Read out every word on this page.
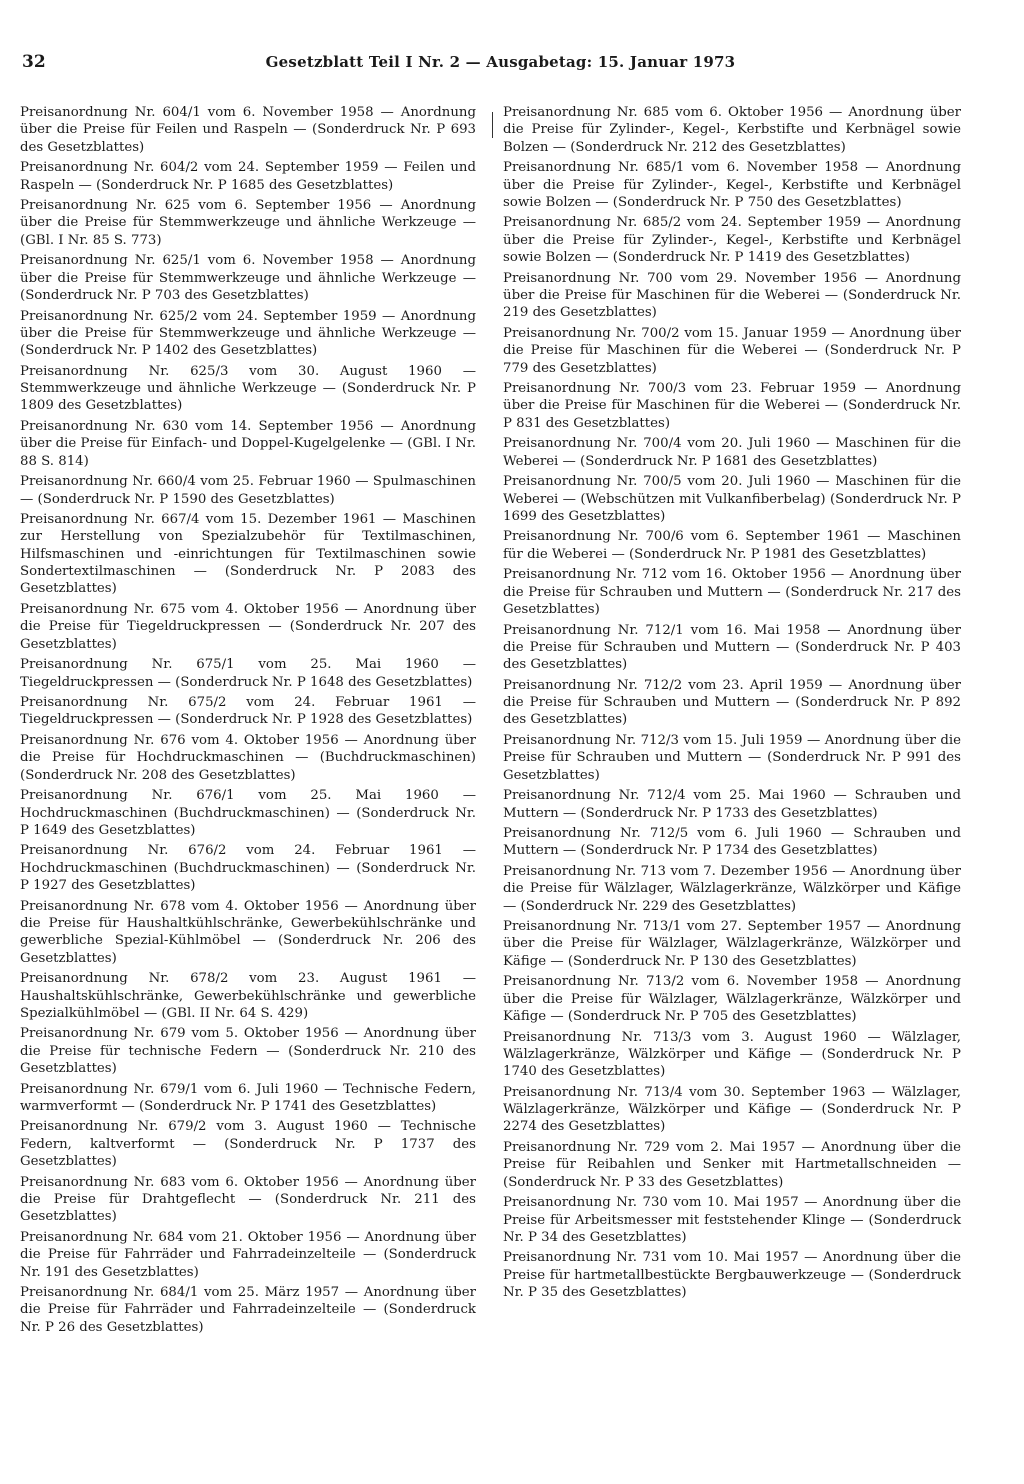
32	Gesetzblatt Teil I Nr. 2 — Ausgabetag: 15. Januar 1973

Preisanordnung Nr. 604/1 vom 6. November 1958 — Anordnung über die Preise für Feilen und Raspeln — (Sonderdruck Nr. P 693 des Gesetzblattes)

Preisanordnung Nr. 604/2 vom 24. September 1959 — Feilen und Raspeln — (Sonderdruck Nr. P 1685 des Gesetzblattes)

Preisanordnung Nr. 625 vom 6. September 1956 — Anordnung über die Preise für Stemmwerkzeuge und ähnliche Werkzeuge — (GBl. I Nr. 85 S. 773)

Preisanordnung Nr. 625/1 vom 6. November 1958 — Anordnung über die Preise für Stemmwerkzeuge und ähnliche Werkzeuge — (Sonderdruck Nr. P 703 des Gesetzblattes)

Preisanordnung Nr. 625/2 vom 24. September 1959 — Anordnung über die Preise für Stemmwerkzeuge und ähnliche Werkzeuge — (Sonderdruck Nr. P 1402 des Gesetzblattes)

Preisanordnung Nr. 625/3 vom 30. August 1960 — Stemmwerkzeuge und ähnliche Werkzeuge — (Sonderdruck Nr. P 1809 des Gesetzblattes)

Preisanordnung Nr. 630 vom 14. September 1956 — Anordnung über die Preise für Einfach- und Doppel-Kugelgelenke — (GBl. I Nr. 88 S. 814)

Preisanordnung Nr. 660/4 vom 25. Februar 1960 — Spulmaschinen — (Sonderdruck Nr. P 1590 des Gesetzblattes)

Preisanordnung Nr. 667/4 vom 15. Dezember 1961 — Maschinen zur Herstellung von Spezialzubehör für Textilmaschinen, Hilfsmaschinen und -einrichtungen für Textilmaschinen sowie Sondertextilmaschinen — (Sonderdruck Nr. P 2083 des Gesetzblattes)

Preisanordnung Nr. 675 vom 4. Oktober 1956 — Anordnung über die Preise für Tiegeldruckpressen — (Sonderdruck Nr. 207 des Gesetzblattes)

Preisanordnung Nr. 675/1 vom 25. Mai 1960 — Tiegeldruckpressen — (Sonderdruck Nr. P 1648 des Gesetzblattes)

Preisanordnung Nr. 675/2 vom 24. Februar 1961 — Tiegeldruckpressen — (Sonderdruck Nr. P 1928 des Gesetzblattes)

Preisanordnung Nr. 676 vom 4. Oktober 1956 — Anordnung über die Preise für Hochdruckmaschinen — (Buchdruckmaschinen) (Sonderdruck Nr. 208 des Gesetzblattes)

Preisanordnung Nr. 676/1 vom 25. Mai 1960 — Hochdruckmaschinen (Buchdruckmaschinen) — (Sonderdruck Nr. P 1649 des Gesetzblattes)

Preisanordnung Nr. 676/2 vom 24. Februar 1961 — Hochdruckmaschinen (Buchdruckmaschinen) — (Sonderdruck Nr. P 1927 des Gesetzblattes)

Preisanordnung Nr. 678 vom 4. Oktober 1956 — Anordnung über die Preise für Haushaltkühlschränke, Gewerbekühlschränke und gewerbliche Spezial-Kühlmöbel — (Sonderdruck Nr. 206 des Gesetzblattes)

Preisanordnung Nr. 678/2 vom 23. August 1961 — Haushaltskühlschränke, Gewerbekühlschränke und gewerbliche Spezialkühlmöbel — (GBl. II Nr. 64 S. 429)

Preisanordnung Nr. 679 vom 5. Oktober 1956 — Anordnung über die Preise für technische Federn — (Sonderdruck Nr. 210 des Gesetzblattes)

Preisanordnung Nr. 679/1 vom 6. Juli 1960 — Technische Federn, warmverformt — (Sonderdruck Nr. P 1741 des Gesetzblattes)

Preisanordnung Nr. 679/2 vom 3. August 1960 — Technische Federn, kaltverformt — (Sonderdruck Nr. P 1737 des Gesetzblattes)

Preisanordnung Nr. 683 vom 6. Oktober 1956 — Anordnung über die Preise für Drahtgeflecht — (Sonderdruck Nr. 211 des Gesetzblattes)

Preisanordnung Nr. 684 vom 21. Oktober 1956 — Anordnung über die Preise für Fahrräder und Fahrradeinzelteile — (Sonderdruck Nr. 191 des Gesetzblattes)

Preisanordnung Nr. 684/1 vom 25. März 1957 — Anordnung über die Preise für Fahrräder und Fahrradeinzelteile — (Sonderdruck Nr. P 26 des Gesetzblattes)

Preisanordnung Nr. 685 vom 6. Oktober 1956 — Anordnung über die Preise für Zylinder-, Kegel-, Kerbstifte und Kerbnägel sowie Bolzen — (Sonderdruck Nr. 212 des Gesetzblattes)

Preisanordnung Nr. 685/1 vom 6. November 1958 — Anordnung über die Preise für Zylinder-, Kegel-, Kerbstifte und Kerbnägel sowie Bolzen — (Sonderdruck Nr. P 750 des Gesetzblattes)

Preisanordnung Nr. 685/2 vom 24. September 1959 — Anordnung über die Preise für Zylinder-, Kegel-, Kerbstifte und Kerbnägel sowie Bolzen — (Sonderdruck Nr. P 1419 des Gesetzblattes)

Preisanordnung Nr. 700 vom 29. November 1956 — Anordnung über die Preise für Maschinen für die Weberei — (Sonderdruck Nr. 219 des Gesetzblattes)

Preisanordnung Nr. 700/2 vom 15. Januar 1959 — Anordnung über die Preise für Maschinen für die Weberei — (Sonderdruck Nr. P 779 des Gesetzblattes)

Preisanordnung Nr. 700/3 vom 23. Februar 1959 — Anordnung über die Preise für Maschinen für die Weberei — (Sonderdruck Nr. P 831 des Gesetzblattes)

Preisanordnung Nr. 700/4 vom 20. Juli 1960 — Maschinen für die Weberei — (Sonderdruck Nr. P 1681 des Gesetzblattes)

Preisanordnung Nr. 700/5 vom 20. Juli 1960 — Maschinen für die Weberei — (Webschützen mit Vulkanfiberbelag) (Sonderdruck Nr. P 1699 des Gesetzblattes)

Preisanordnung Nr. 700/6 vom 6. September 1961 — Maschinen für die Weberei — (Sonderdruck Nr. P 1981 des Gesetzblattes)

Preisanordnung Nr. 712 vom 16. Oktober 1956 — Anordnung über die Preise für Schrauben und Muttern — (Sonderdruck Nr. 217 des Gesetzblattes)

Preisanordnung Nr. 712/1 vom 16. Mai 1958 — Anordnung über die Preise für Schrauben und Muttern — (Sonderdruck Nr. P 403 des Gesetzblattes)

Preisanordnung Nr. 712/2 vom 23. April 1959 — Anordnung über die Preise für Schrauben und Muttern — (Sonderdruck Nr. P 892 des Gesetzblattes)

Preisanordnung Nr. 712/3 vom 15. Juli 1959 — Anordnung über die Preise für Schrauben und Muttern — (Sonderdruck Nr. P 991 des Gesetzblattes)

Preisanordnung Nr. 712/4 vom 25. Mai 1960 — Schrauben und Muttern — (Sonderdruck Nr. P 1733 des Gesetzblattes)

Preisanordnung Nr. 712/5 vom 6. Juli 1960 — Schrauben und Muttern — (Sonderdruck Nr. P 1734 des Gesetzblattes)

Preisanordnung Nr. 713 vom 7. Dezember 1956 — Anordnung über die Preise für Wälzlager, Wälzlagerkränze, Wälzkörper und Käfige — (Sonderdruck Nr. 229 des Gesetzblattes)

Preisanordnung Nr. 713/1 vom 27. September 1957 — Anordnung über die Preise für Wälzlager, Wälzlagerkränze, Wälzkörper und Käfige — (Sonderdruck Nr. P 130 des Gesetzblattes)

Preisanordnung Nr. 713/2 vom 6. November 1958 — Anordnung über die Preise für Wälzlager, Wälzlagerkränze, Wälzkörper und Käfige — (Sonderdruck Nr. P 705 des Gesetzblattes)

Preisanordnung Nr. 713/3 vom 3. August 1960 — Wälzlager, Wälzlagerkränze, Wälzkörper und Käfige — (Sonderdruck Nr. P 1740 des Gesetzblattes)

Preisanordnung Nr. 713/4 vom 30. September 1963 — Wälzlager, Wälzlagerkränze, Wälzkörper und Käfige — (Sonderdruck Nr. P 2274 des Gesetzblattes)

Preisanordnung Nr. 729 vom 2. Mai 1957 — Anordnung über die Preise für Reibahlen und Senker mit Hartmetallschneiden — (Sonderdruck Nr. P 33 des Gesetzblattes)

Preisanordnung Nr. 730 vom 10. Mai 1957 — Anordnung über die Preise für Arbeitsmesser mit feststehender Klinge — (Sonderdruck Nr. P 34 des Gesetzblattes)

Preisanordnung Nr. 731 vom 10. Mai 1957 — Anordnung über die Preise für hartmetallbestückte Bergbauwerkzeuge — (Sonderdruck Nr. P 35 des Gesetzblattes)
